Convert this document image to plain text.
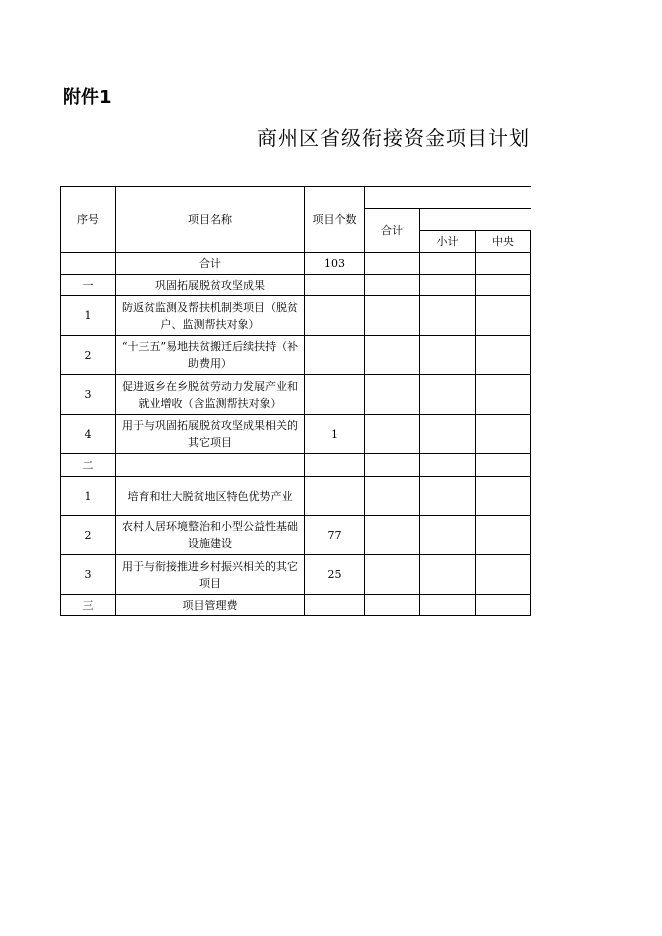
附件1
商州区省级衔接资金项目计划
序号	项目名称	项目个数				
			合计			
				小计	中央	
	合计	103				
一	巩固拓展脱贫攻坚成果					
1	防返贫监测及帮扶机制类项目（脱贫户、监测帮扶对象）					
2	“十三五”易地扶贫搬迁后续扶持（补助费用）					
3	促进返乡在乡脱贫劳动力发展产业和就业增收（含监测帮扶对象）					
4	用于与巩固拓展脱贫攻坚成果相关的其它项目	1				
二						
1	培育和壮大脱贫地区特色优势产业					
2	农村人居环境整治和小型公益性基础设施建设	77				
3	用于与衔接推进乡村振兴相关的其它项目	25				
三	项目管理费					
